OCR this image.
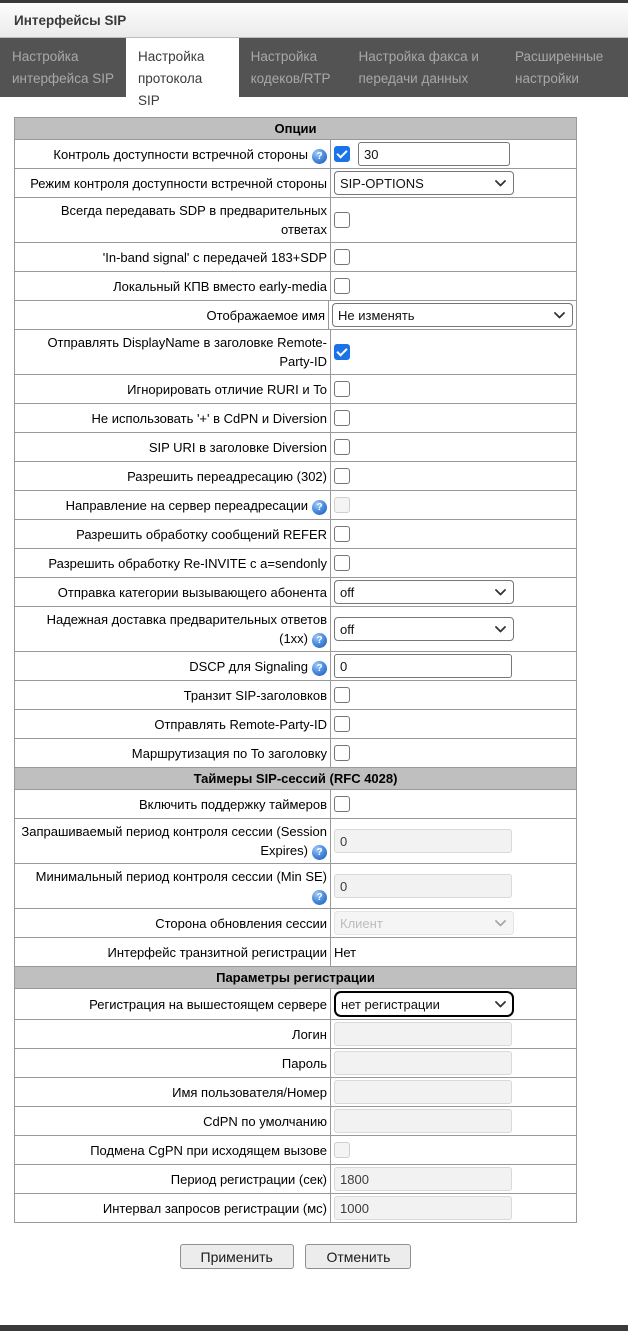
Интерфейсы SIP
Настройка интерфейса SIP
Настройка протокола SIP
Настройка кодеков/RTP
Настройка факса и передачи данных
Расширенные настройки
Опции
Контроль доступности встречной стороны ?
30
Режим контроля доступности встречной стороны
SIP-OPTIONS
Всегда передавать SDP в предварительных ответах
'In-band signal' с передачей 183+SDP
Локальный КПВ вместо early-media
Отображаемое имя
Не изменять
Отправлять DisplayName в заголовке Remote-Party-ID
Игнорировать отличие RURI и To
Не использовать '+' в CdPN и Diversion
SIP URI в заголовке Diversion
Разрешить переадресацию (302)
Направление на сервер переадресации ?
Разрешить обработку сообщений REFER
Разрешить обработку Re-INVITE с a=sendonly
Отправка категории вызывающего абонента
off
Надежная доставка предварительных ответов (1xx) ?
off
DSCP для Signaling ?
0
Транзит SIP-заголовков
Отправлять Remote-Party-ID
Маршрутизация по To заголовку
Таймеры SIP-сессий (RFC 4028)
Включить поддержку таймеров
Запрашиваемый период контроля сессии (Session Expires) ?
0
Минимальный период контроля сессии (Min SE)?
0
Сторона обновления сессии
Клиент
Интерфейс транзитной регистрации Нет
Параметры регистрации
Регистрация на вышестоящем сервере
нет регистрации
Логин
Пароль
Имя пользователя/Номер
CdPN по умолчанию
Подмена CgPN при исходящем вызове
Период регистрации (сек)
1800
Интервал запросов регистрации (мс)
1000
Применить	Отменить
